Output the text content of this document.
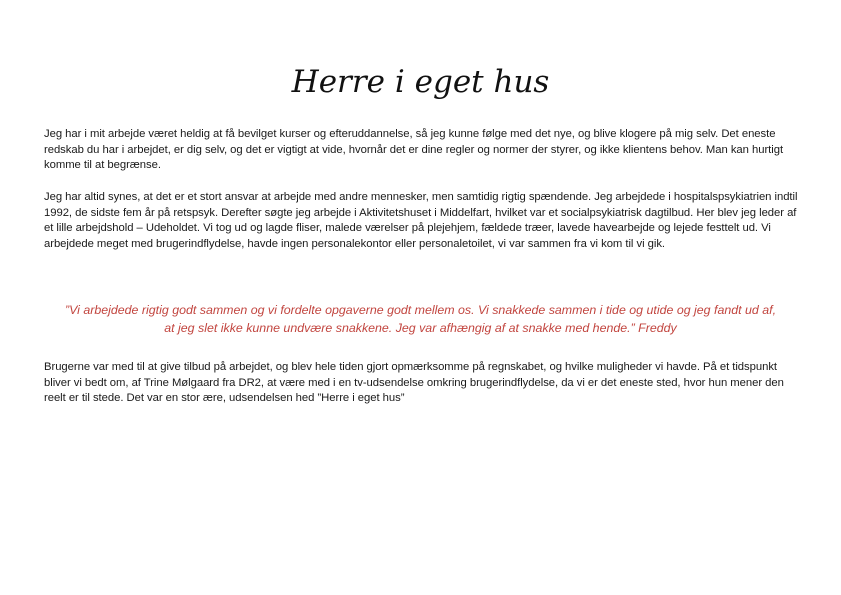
Herre i eget hus

Jeg har i mit arbejde været heldig at få bevilget kurser og efteruddannelse, så jeg kunne følge med det nye, og blive klogere på mig selv. Det eneste redskab du har i arbejdet, er dig selv, og det er vigtigt at vide, hvornår det er dine regler og normer der styrer, og ikke klientens behov. Man kan hurtigt komme til at begrænse.

Jeg har altid synes, at det er et stort ansvar at arbejde med andre mennesker, men samtidig rigtig spændende. Jeg arbejdede i hospitalspsykiatrien indtil 1992, de sidste fem år på retspsyk. Derefter søgte jeg arbejde i Aktivitetshuset i Middelfart, hvilket var et socialpsykiatrisk dagtilbud. Her blev jeg leder af et lille arbejdshold – Udeholdet. Vi tog ud og lagde fliser, malede værelser på plejehjem, fældede træer, lavede havearbejde og lejede festtelt ud. Vi arbejdede meget med brugerindflydelse, havde ingen personalekontor eller personaletoilet, vi var sammen fra vi kom til vi gik.

”Vi arbejdede rigtig godt sammen og vi fordelte opgaverne godt mellem os. Vi snakkede sammen i tide og utide og jeg fandt ud af, at jeg slet ikke kunne undvære snakkene. Jeg var afhængig af at snakke med hende.” Freddy

Brugerne var med til at give tilbud på arbejdet, og blev hele tiden gjort opmærksomme på regnskabet, og hvilke muligheder vi havde. På et tidspunkt bliver vi bedt om, af Trine Mølgaard fra DR2, at være med i en tv-udsendelse omkring brugerindflydelse, da vi er det eneste sted, hvor hun mener den reelt er til stede. Det var en stor ære, udsendelsen hed ”Herre i eget hus”
